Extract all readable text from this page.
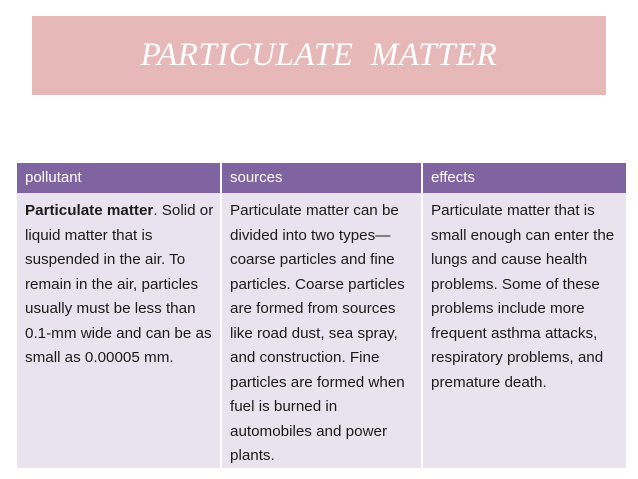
PARTICULATE  MATTER
pollutant	sources	effects
Particulate matter. Solid or
liquid matter that is
suspended in the air. To
remain in the air, particles
usually must be less than
0.1-mm wide and can be as
small as 0.00005 mm.
Particulate matter can be
divided into two types—
coarse particles and fine
particles. Coarse particles
are formed from sources
like road dust, sea spray,
and construction. Fine
particles are formed when
fuel is burned in
automobiles and power
plants.
Particulate matter that is
small enough can enter the
lungs and cause health
problems. Some of these
problems include more
frequent asthma attacks,
respiratory problems, and
premature death.
